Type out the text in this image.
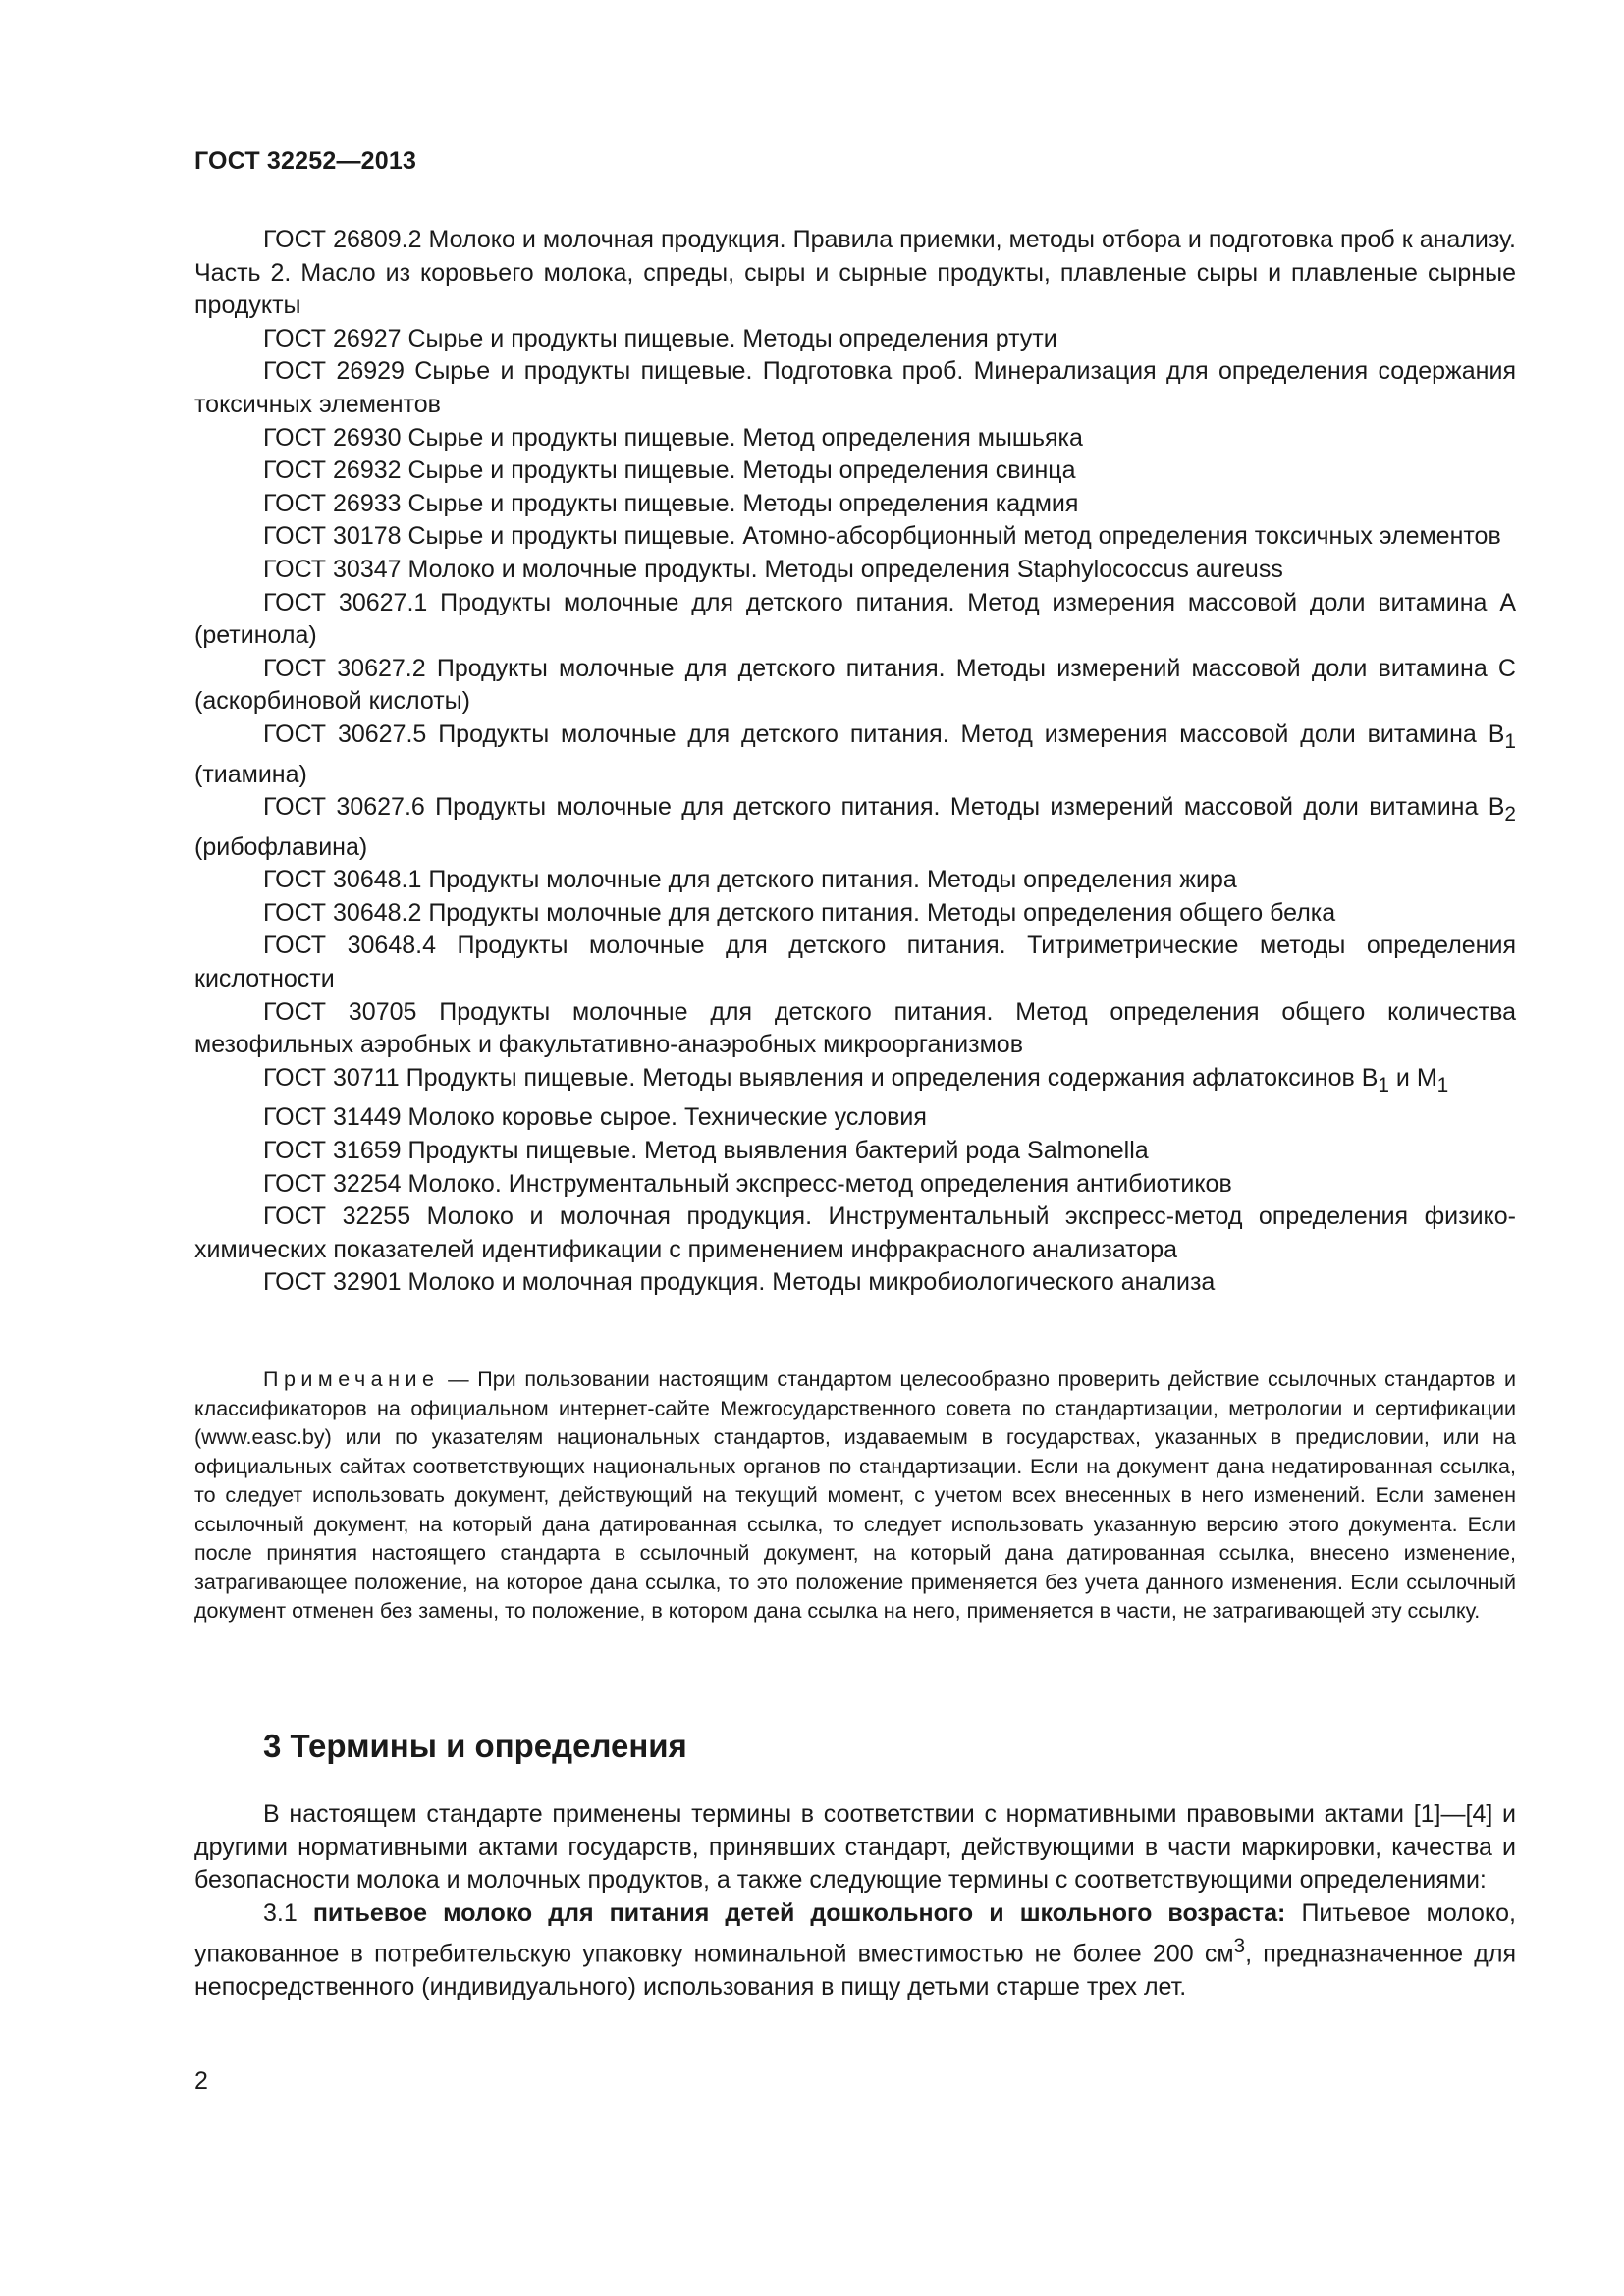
ГОСТ 32252—2013

ГОСТ 26809.2 Молоко и молочная продукция. Правила приемки, методы отбора и подготовка проб к анализу. Часть 2. Масло из коровьего молока, спреды, сыры и сырные продукты, плавленые сыры и плавленые сырные продукты

ГОСТ 26927 Сырье и продукты пищевые. Методы определения ртути

ГОСТ 26929 Сырье и продукты пищевые. Подготовка проб. Минерализация для определения содержания токсичных элементов

ГОСТ 26930 Сырье и продукты пищевые. Метод определения мышьяка

ГОСТ 26932 Сырье и продукты пищевые. Методы определения свинца

ГОСТ 26933 Сырье и продукты пищевые. Методы определения кадмия

ГОСТ 30178 Сырье и продукты пищевые. Атомно-абсорбционный метод определения токсичных элементов

ГОСТ 30347 Молоко и молочные продукты. Методы определения Staphylococcus aureuss

ГОСТ 30627.1 Продукты молочные для детского питания. Метод измерения массовой доли витамина А (ретинола)

ГОСТ 30627.2 Продукты молочные для детского питания. Методы измерений массовой доли витамина С (аскорбиновой кислоты)

ГОСТ 30627.5 Продукты молочные для детского питания. Метод измерения массовой доли витамина $В_1$ (тиамина)

ГОСТ 30627.6 Продукты молочные для детского питания. Методы измерений массовой доли витамина $В_2$ (рибофлавина)

ГОСТ 30648.1 Продукты молочные для детского питания. Методы определения жира

ГОСТ 30648.2 Продукты молочные для детского питания. Методы определения общего белка

ГОСТ 30648.4 Продукты молочные для детского питания. Титриметрические методы определения кислотности

ГОСТ 30705 Продукты молочные для детского питания. Метод определения общего количества мезофильных аэробных и факультативно-анаэробных микроорганизмов

ГОСТ 30711 Продукты пищевые. Методы выявления и определения содержания афлатоксинов $В_1$ и $М_1$

ГОСТ 31449 Молоко коровье сырое. Технические условия

ГОСТ 31659 Продукты пищевые. Метод выявления бактерий рода Salmonella

ГОСТ 32254 Молоко. Инструментальный экспресс-метод определения антибиотиков

ГОСТ 32255 Молоко и молочная продукция. Инструментальный экспресс-метод определения физико-химических показателей идентификации с применением инфракрасного анализатора

ГОСТ 32901 Молоко и молочная продукция. Методы микробиологического анализа

Примечание — При пользовании настоящим стандартом целесообразно проверить действие ссылочных стандартов и классификаторов на официальном интернет-сайте Межгосударственного совета по стандартизации, метрологии и сертификации (www.easc.by) или по указателям национальных стандартов, издаваемым в государствах, указанных в предисловии, или на официальных сайтах соответствующих национальных органов по стандартизации. Если на документ дана недатированная ссылка, то следует использовать документ, действующий на текущий момент, с учетом всех внесенных в него изменений. Если заменен ссылочный документ, на который дана датированная ссылка, то следует использовать указанную версию этого документа. Если после принятия настоящего стандарта в ссылочный документ, на который дана датированная ссылка, внесено изменение, затрагивающее положение, на которое дана ссылка, то это положение применяется без учета данного изменения. Если ссылочный документ отменен без замены, то положение, в котором дана ссылка на него, применяется в части, не затрагивающей эту ссылку.

3 Термины и определения

В настоящем стандарте применены термины в соответствии с нормативными правовыми актами [1]—[4] и другими нормативными актами государств, принявших стандарт, действующими в части маркировки, качества и безопасности молока и молочных продуктов, а также следующие термины с соответствующими определениями:

3.1 питьевое молоко для питания детей дошкольного и школьного возраста: Питьевое молоко, упакованное в потребительскую упаковку номинальной вместимостью не более 200 $см^3$, предназначенное для непосредственного (индивидуального) использования в пищу детьми старше трех лет.

2
